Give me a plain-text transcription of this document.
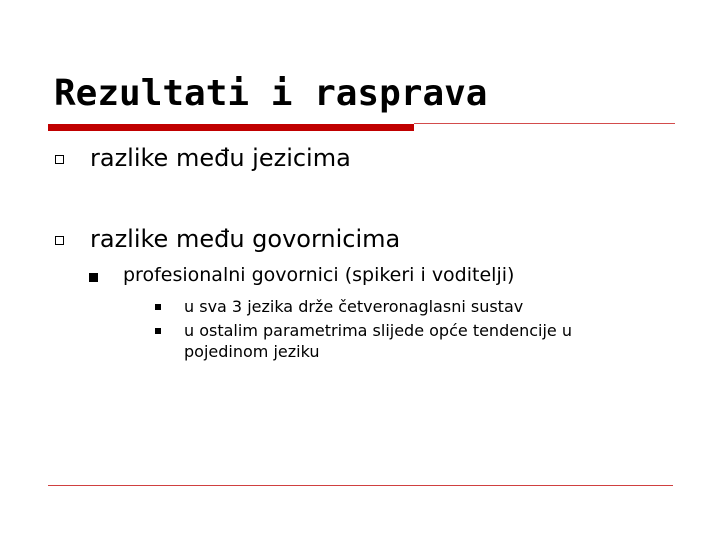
Rezultati i rasprava
razlike među jezicima
razlike među govornicima
profesionalni govornici (spikeri i voditelji)
u sva 3 jezika drže četveronaglasni sustav
u ostalim parametrima slijede opće tendencije u pojedinom jeziku
